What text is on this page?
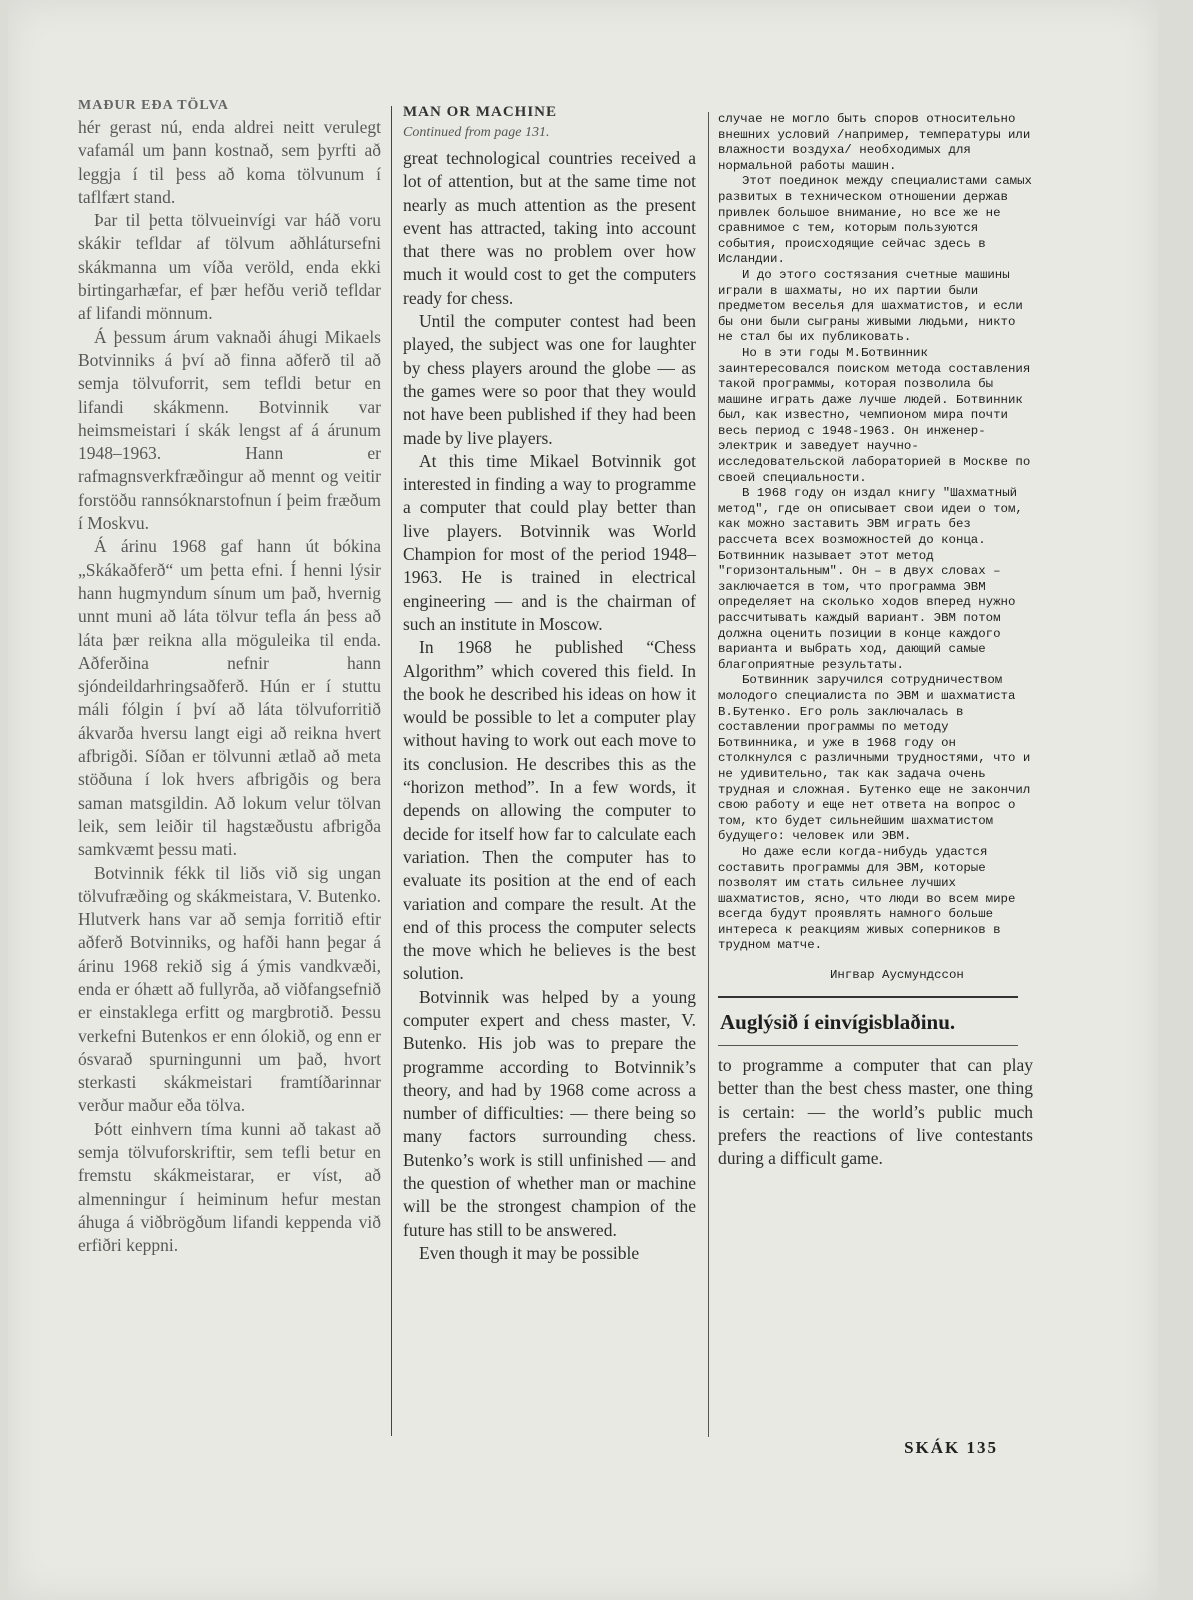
MAÐUR EÐA TÖLVA

hér gerast nú, enda aldrei neitt verulegt vafamál um þann kostnað, sem þyrfti að leggja í til þess að koma tölvunum í taflfært stand.

Þar til þetta tölvueinvígi var háð voru skákir tefldar af tölvum aðhlátursefni skákmanna um víða veröld, enda ekki birtingarhæfar, ef þær hefðu verið tefldar af lifandi mönnum.

Á þessum árum vaknaði áhugi Mikaels Botvinniks á því að finna aðferð til að semja tölvuforrit, sem tefldi betur en lifandi skákmenn. Botvinnik var heimsmeistari í skák lengst af á árunum 1948–1963. Hann er rafmagnsverkfræðingur að mennt og veitir forstöðu rannsóknarstofnun í þeim fræðum í Moskvu.

Á árinu 1968 gaf hann út bókina „Skákaðferð“ um þetta efni. Í henni lýsir hann hugmyndum sínum um það, hvernig unnt muni að láta tölvur tefla án þess að láta þær reikna alla möguleika til enda. Aðferðina nefnir hann sjóndeildarhringsaðferð. Hún er í stuttu máli fólgin í því að láta tölvuforritið ákvarða hversu langt eigi að reikna hvert afbrigði. Síðan er tölvunni ætlað að meta stöðuna í lok hvers afbrigðis og bera saman matsgildin. Að lokum velur tölvan leik, sem leiðir til hagstæðustu afbrigða samkvæmt þessu mati.

Botvinnik fékk til liðs við sig ungan tölvufræðing og skákmeistara, V. Butenko. Hlutverk hans var að semja forritið eftir aðferð Botvinniks, og hafði hann þegar á árinu 1968 rekið sig á ýmis vandkvæði, enda er óhætt að fullyrða, að viðfangsefnið er einstaklega erfitt og margbrotið. Þessu verkefni Butenkos er enn ólokið, og enn er ósvarað spurningunni um það, hvort sterkasti skákmeistari framtíðarinnar verður maður eða tölva.

Þótt einhvern tíma kunni að takast að semja tölvuforskriftir, sem tefli betur en fremstu skákmeistarar, er víst, að almenningur í heiminum hefur mestan áhuga á viðbrögðum lifandi keppenda við erfiðri keppni.

MAN OR MACHINE
Continued from page 131.

great technological countries received a lot of attention, but at the same time not nearly as much attention as the present event has attracted, taking into account that there was no problem over how much it would cost to get the computers ready for chess.

Until the computer contest had been played, the subject was one for laughter by chess players around the globe — as the games were so poor that they would not have been published if they had been made by live players.

At this time Mikael Botvinnik got interested in finding a way to programme a computer that could play better than live players. Botvinnik was World Champion for most of the period 1948–1963. He is trained in electrical engineering — and is the chairman of such an institute in Moscow.

In 1968 he published “Chess Algorithm” which covered this field. In the book he described his ideas on how it would be possible to let a computer play without having to work out each move to its conclusion. He describes this as the “horizon method”. In a few words, it depends on allowing the computer to decide for itself how far to calculate each variation. Then the computer has to evaluate its position at the end of each variation and compare the result. At the end of this process the computer selects the move which he believes is the best solution.

Botvinnik was helped by a young computer expert and chess master, V. Butenko. His job was to prepare the programme according to Botvinnik’s theory, and had by 1968 come across a number of difficulties: — there being so many factors surrounding chess. Butenko’s work is still unfinished — and the question of whether man or machine will be the strongest champion of the future has still to be answered.

Even though it may be possible

случае не могло быть споров относительно внешних условий /например, температуры или влажности воздуха/ необходимых для нормальной работы машин.

Этот поединок между специалистами самых развитых в техническом отношении держав привлек большое внимание, но все же не сравнимое с тем, которым пользуются события, происходящие сейчас здесь в Исландии.

И до этого состязания счетные машины играли в шахматы, но их партии были предметом веселья для шахматистов, и если бы они были сыграны живыми людьми, никто не стал бы их публиковать.

Но в эти годы М.Ботвинник заинтересовался поиском метода составления такой программы, которая позволила бы машине играть даже лучше людей. Ботвинник был, как известно, чемпионом мира почти весь период с 1948-1963. Он инженер-электрик и заведует научно-исследовательской лабораторией в Москве по своей специальности.

В 1968 году он издал книгу "Шахматный метод", где он описывает свои идеи о том, как можно заставить ЭВМ играть без рассчета всех возможностей до конца. Ботвинник называет этот метод "горизонтальным". Он – в двух словах – заключается в том, что программа ЭВМ определяет на сколько ходов вперед нужно рассчитывать каждый вариант. ЭВМ потом должна оценить позиции в конце каждого варианта и выбрать ход, дающий самые благоприятные результаты.

Ботвинник заручился сотрудничеством молодого специалиста по ЭВМ и шахматиста В.Бутенко. Его роль заключалась в составлении программы по методу Ботвинника, и уже в 1968 году он столкнулся с различными трудностями, что и не удивительно, так как задача очень трудная и сложная. Бутенко еще не закончил свою работу и еще нет ответа на вопрос о том, кто будет сильнейшим шахматистом будущего: человек или ЭВМ.

Но даже если когда-нибудь удастся составить программы для ЭВМ, которые позволят им стать сильнее лучших шахматистов, ясно, что люди во всем мире всегда будут проявлять намного больше интереса к реакциям живых соперников в трудном матче.

Ингвар Аусмундссон
Auglýsið í einvígisblaðinu.

to programme a computer that can play better than the best chess master, one thing is certain: — the world’s public much prefers the reactions of live contestants during a difficult game.

SKÁK 135
